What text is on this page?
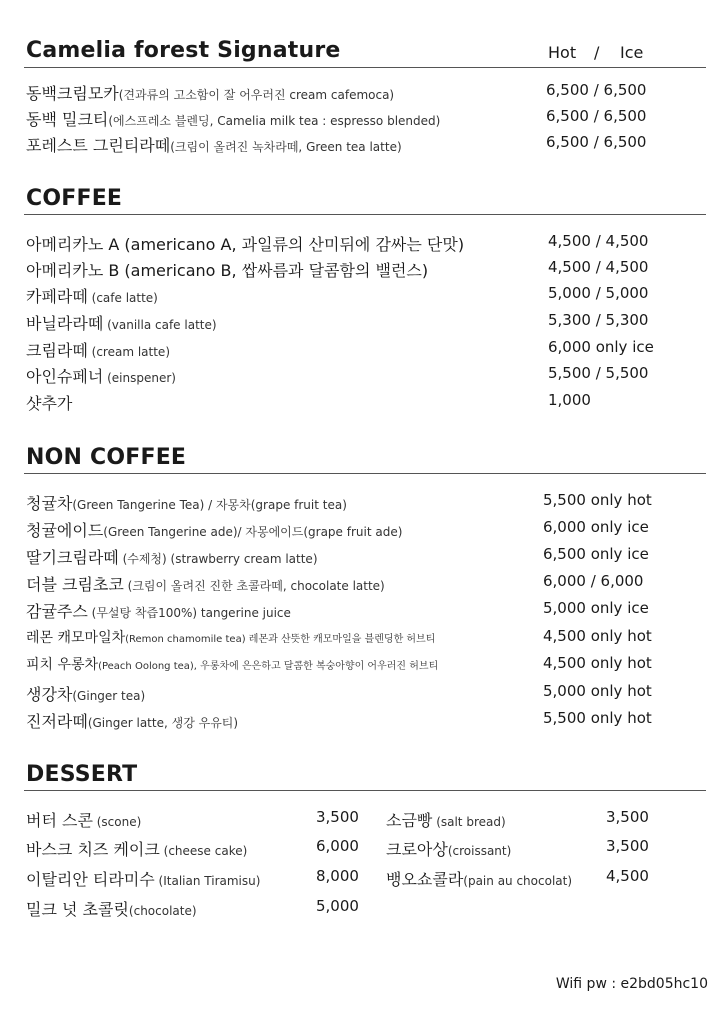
Camelia forest Signature	Hot / Ice
동백크림모카(견과류의 고소함이 잘 어우러진 cream cafemoca)	6,500 / 6,500
동백 밀크티(에스프레소 블렌딩, Camelia milk tea : espresso blended)	6,500 / 6,500
포레스트 그린티라떼(크림이 올려진 녹차라떼, Green tea latte)	6,500 / 6,500
COFFEE
아메리카노 A (americano A, 과일류의 산미뒤에 감싸는 단맛)	4,500 / 4,500
아메리카노 B (americano B, 쌉싸름과 달콤함의 밸런스)	4,500 / 4,500
카페라떼 (cafe latte)	5,000 / 5,000
바닐라라떼 (vanilla cafe latte)	5,300 / 5,300
크림라떼 (cream latte)	6,000 only ice
아인슈페너 (einspener)	5,500 / 5,500
샷추가	1,000
NON COFFEE
청귤차(Green Tangerine Tea) / 자몽차(grape fruit tea)	5,500 only hot
청귤에이드(Green Tangerine ade)/ 자몽에이드(grape fruit ade)	6,000 only ice
딸기크림라떼 (수제청) (strawberry cream latte)	6,500 only ice
더블 크림초코 (크림이 올려진 진한 초콜라떼, chocolate latte)	6,000 / 6,000
감귤주스 (무설탕 착즙100%) tangerine juice	5,000 only ice
레몬 캐모마일차(Remon chamomile tea) 레몬과 산뜻한 캐모마일을 블렌딩한 허브티	4,500 only hot
피치 우롱차(Peach Oolong tea), 우롱차에 은은하고 달콤한 복숭아향이 어우러진 허브티	4,500 only hot
생강차(Ginger tea)	5,000 only hot
진저라떼(Ginger latte, 생강 우유티)	5,500 only hot
DESSERT
버터 스콘 (scone)	3,500
바스크 치즈 케이크 (cheese cake)	6,000
이탈리안 티라미수 (Italian Tiramisu)	8,000
밀크 넛 초콜릿(chocolate)	5,000
소금빵 (salt bread)	3,500
크로아상(croissant)	3,500
뱅오쇼콜라(pain au chocolat) 4,500
Wifi pw : e2bd05hc10
